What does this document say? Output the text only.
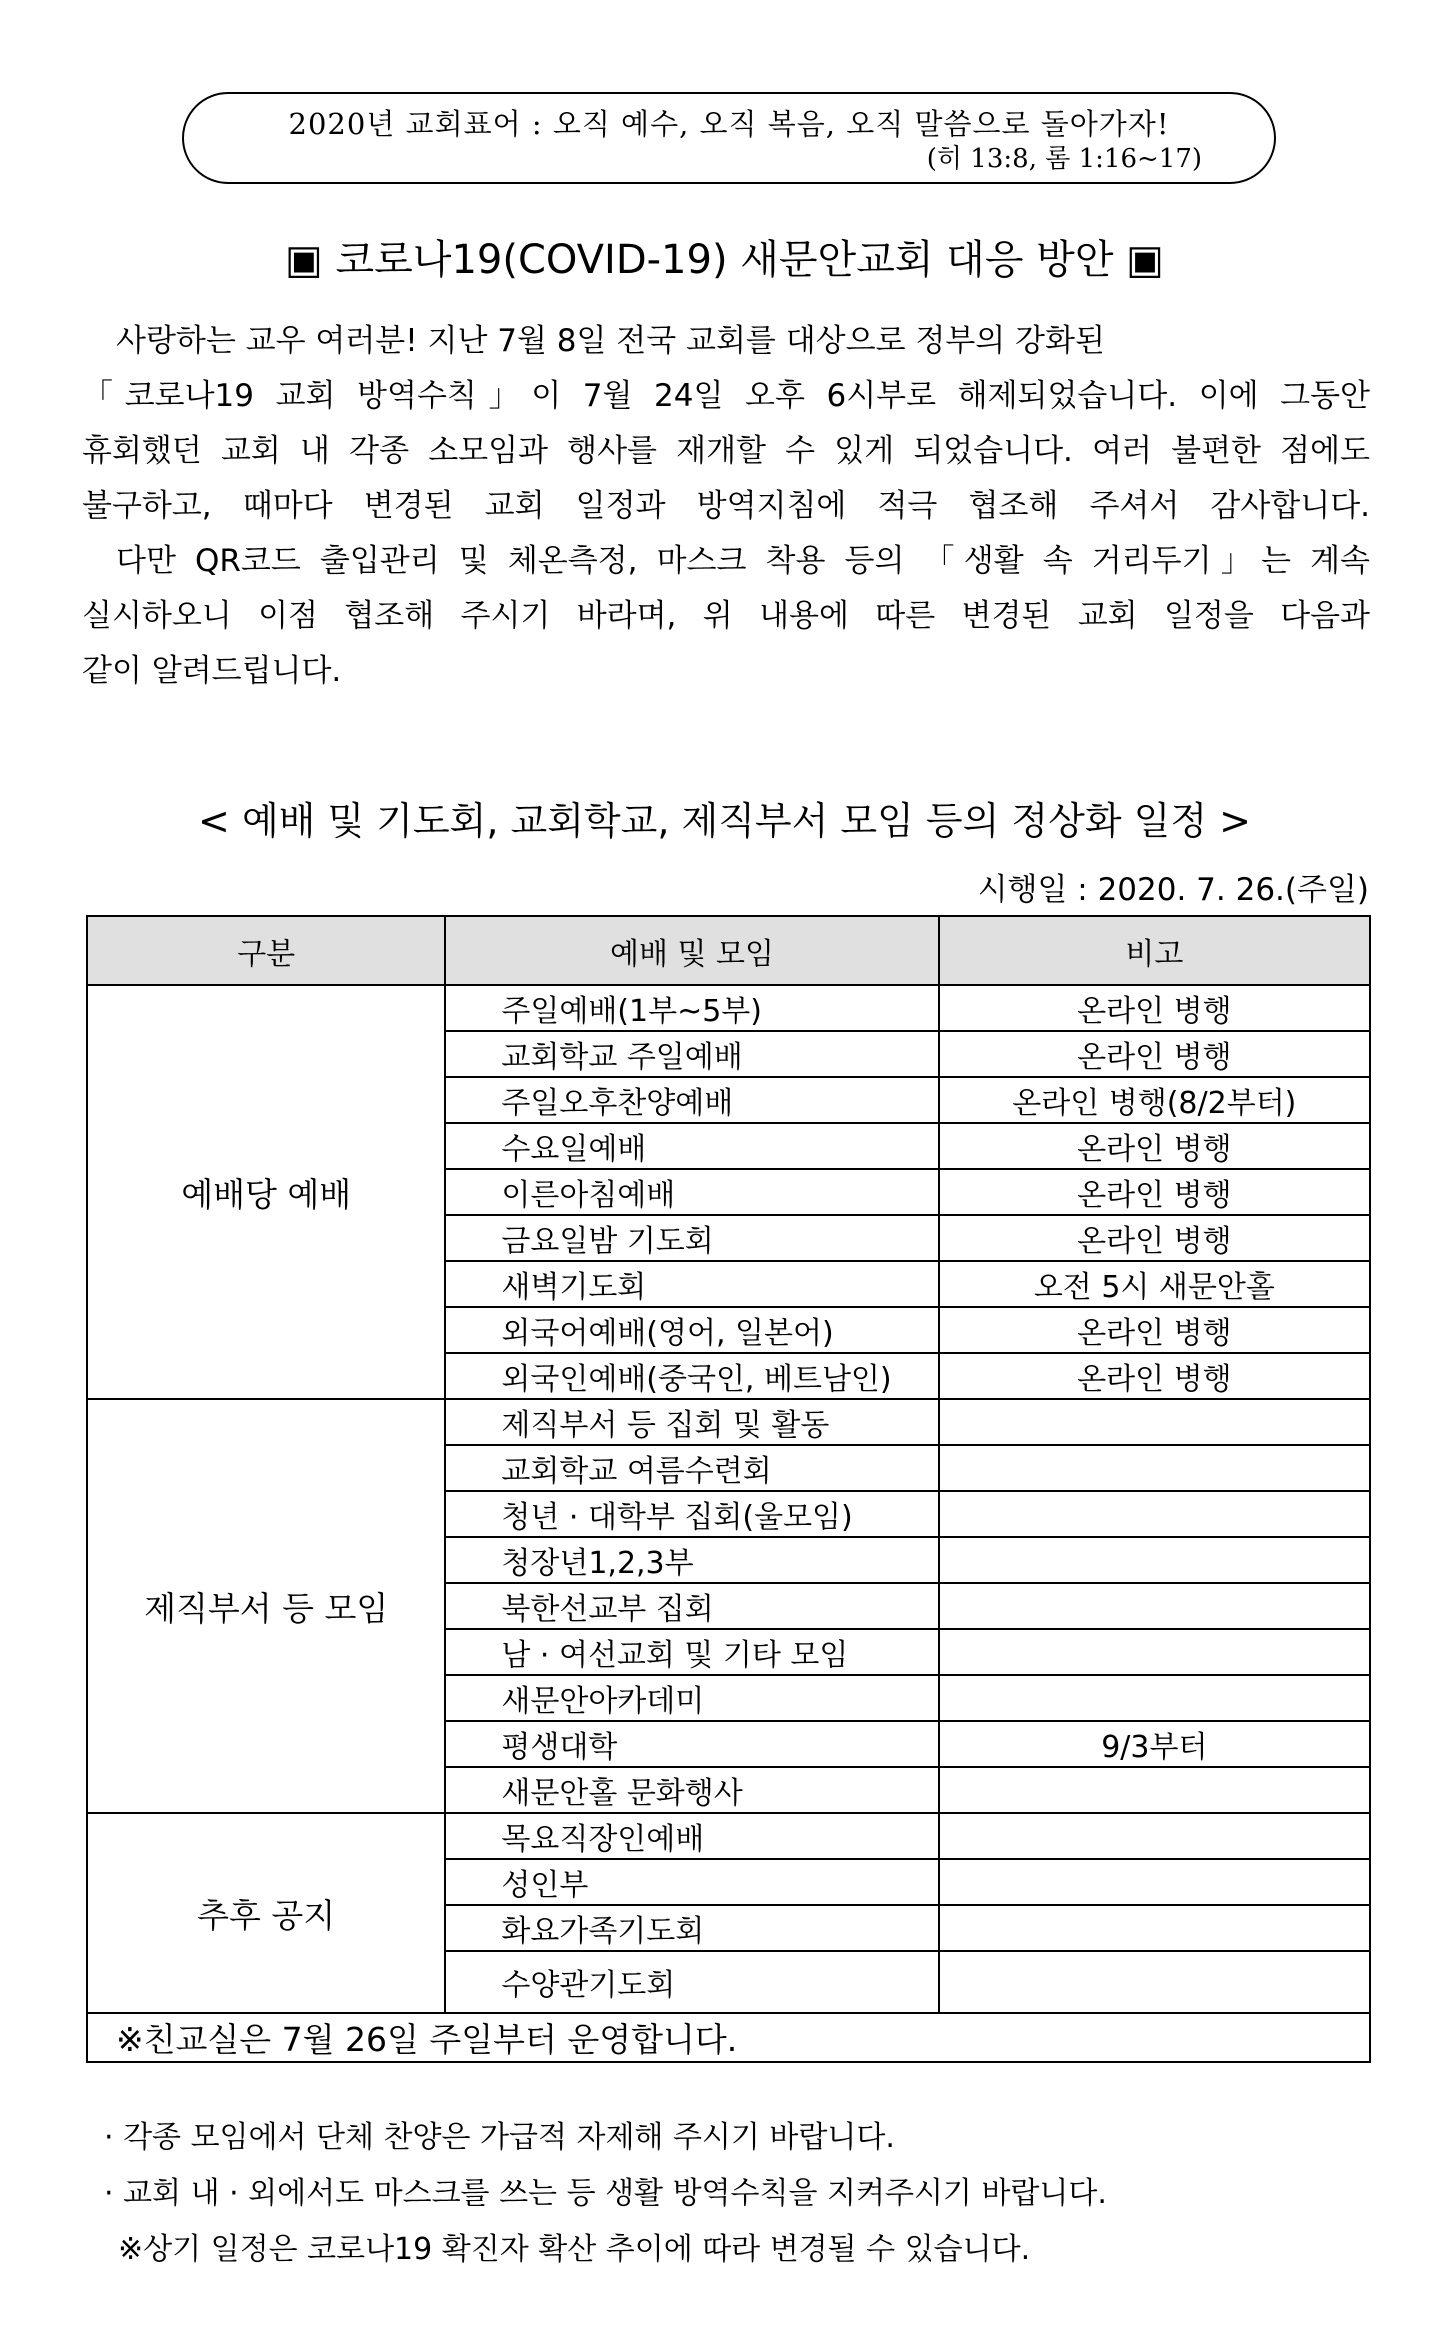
2020년 교회표어 : 오직 예수, 오직 복음, 오직 말씀으로 돌아가자!
(히 13:8, 롬 1:16~17)
▣ 코로나19(COVID-19) 새문안교회 대응 방안 ▣

사랑하는 교우 여러분! 지난 7월 8일 전국 교회를 대상으로 정부의 강화된

「코로나19 교회 방역수칙」이 7월 24일 오후 6시부로 해제되었습니다. 이에 그동안

휴회했던 교회 내 각종 소모임과 행사를 재개할 수 있게 되었습니다. 여러 불편한 점에도

불구하고, 때마다 변경된 교회 일정과 방역지침에 적극 협조해 주셔서 감사합니다.

다만 QR코드 출입관리 및 체온측정, 마스크 착용 등의 「생활 속 거리두기」는 계속

실시하오니 이점 협조해 주시기 바라며, 위 내용에 따른 변경된 교회 일정을 다음과

같이 알려드립니다.

< 예배 및 기도회, 교회학교, 제직부서 모임 등의 정상화 일정 >
시행일 : 2020. 7. 26.(주일)
구분	예배 및 모임	비고
예배당 예배	주일예배(1부~5부)	온라인 병행
	교회학교 주일예배	온라인 병행
	주일오후찬양예배	온라인 병행(8/2부터)
	수요일예배	온라인 병행
	이른아침예배	온라인 병행
	금요일밤 기도회	온라인 병행
	새벽기도회	오전 5시 새문안홀
	외국어예배(영어, 일본어)	온라인 병행
	외국인예배(중국인, 베트남인)	온라인 병행
제직부서 등 모임	제직부서 등 집회 및 활동	
	교회학교 여름수련회	
	청년 · 대학부 집회(울모임)	
	청장년1,2,3부	
	북한선교부 집회	
	남 · 여선교회 및 기타 모임	
	새문안아카데미	
	평생대학	9/3부터
	새문안홀 문화행사	
추후 공지	목요직장인예배	
	성인부	
	화요가족기도회	
	수양관기도회	
※친교실은 7월 26일 주일부터 운영합니다.		
· 각종 모임에서 단체 찬양은 가급적 자제해 주시기 바랍니다.
· 교회 내 · 외에서도 마스크를 쓰는 등 생활 방역수칙을 지켜주시기 바랍니다.
※상기 일정은 코로나19 확진자 확산 추이에 따라 변경될 수 있습니다.
